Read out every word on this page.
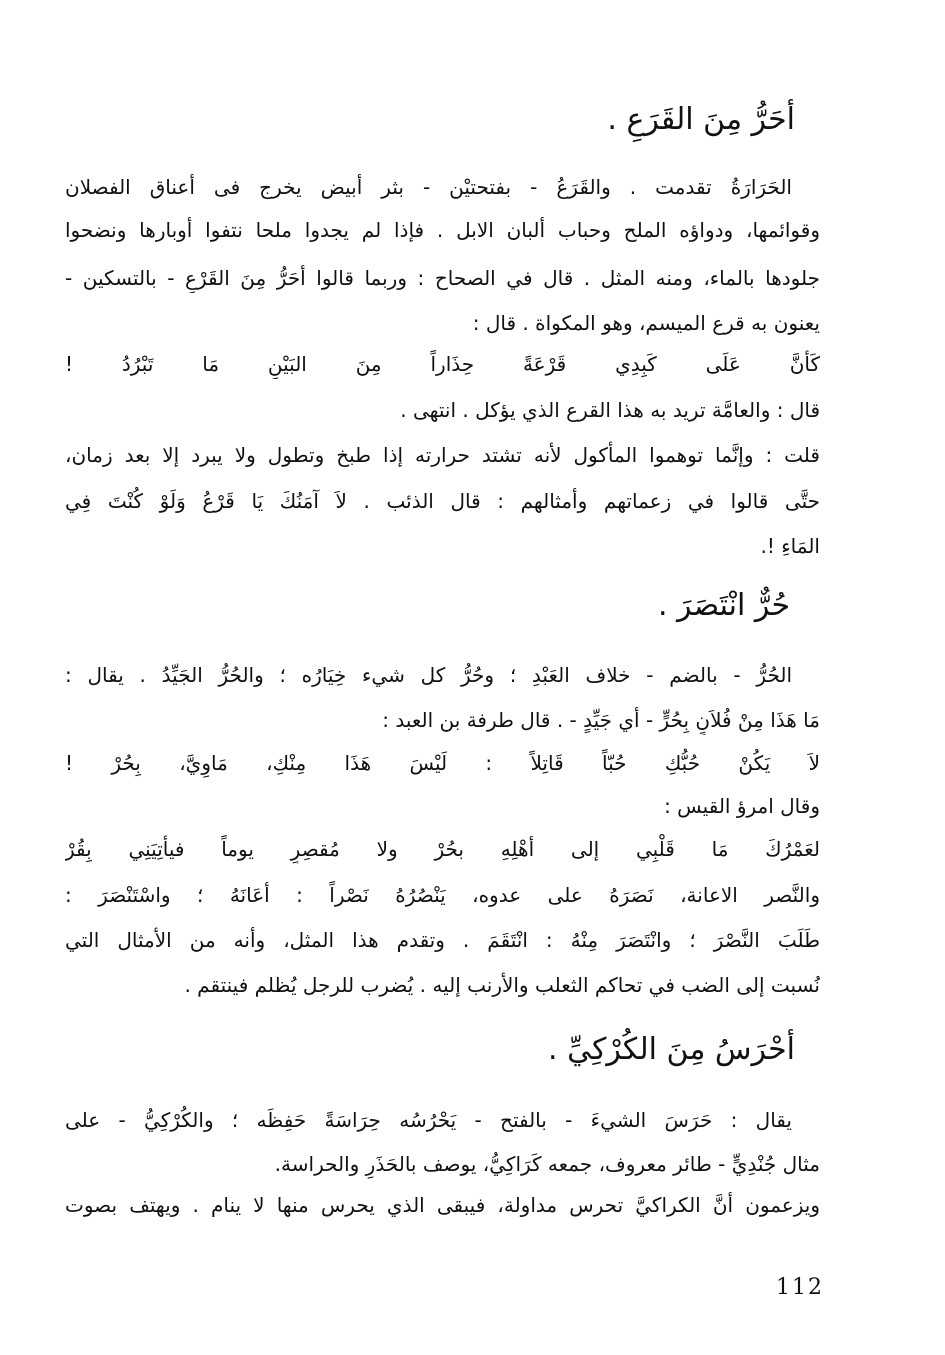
أحَرُّ مِنَ القَرَعِ .
الحَرَارَةُ تقدمت . والقَرَعُ - بفتحتيْن - بثر أبيض يخرج فى أعناق الفصلان
وقوائمها، ودواؤه الملح وحباب ألبان الابل . فإذا لم يجدوا ملحا نتفوا أوبارها ونضحوا
جلودها بالماء، ومنه المثل . قال في الصحاح : وربما قالوا أحَرُّ مِنَ القَرْعِ - بالتسكين -
يعنون به قرع الميسم، وهو المكواة . قال :
كَأنَّ عَلَى كَبِدِي قَرْعَةً حِذَاراً مِنَ البَيْنِ مَا تَبْرُدُ !
قال : والعامَّة تريد به هذا القرع الذي يؤكل . انتهى .
قلت : وإنَّما توهموا المأكول لأنه تشتد حرارته إذا طبخ وتطول ولا يبرد إلا بعد زمان،
حتَّى قالوا في زعماتهم وأمثالهم : قال الذئب . لاَ آمَنُكَ يَا قَرْعُ وَلَوْ كُنْتَ فِي
المَاءِ !.
حُرٌّ انْتَصَرَ .
الحُرُّ - بالضم - خلاف العَبْدِ ؛ وحُرُّ كل شيء خِيَارُه ؛ والحُرُّ الجَيِّدُ . يقال :
مَا هَذَا مِنْ فُلاَنٍ بِحُرٍّ - أي جَيِّدٍ - . قال طرفة بن العبد :
لاَ يَكُنْ حُبُّكِ حُبّاً قَاتِلاً : لَيْسَ هَذَا مِنْكِ، مَاوِيَّ، بِحُرْ !
وقال امرؤ القيس :
لعَمْرُكَ مَا قَلْبِي إلى أهْلِهِ بحُرْ ولا مُقصِرٍ يوماً فيأتِيَنِي بِقُرْ
والنَّصر الاعانة، نَصَرَهُ على عدوه، يَنْصُرُهُ نَصْراً : أعَانَهُ ؛ واسْتَنْصَرَ :
طَلَبَ النَّصْرَ ؛ وانْتَصَرَ مِنْهُ : انْتَقَمَ . وتقدم هذا المثل، وأنه من الأمثال التي
نُسبت إلى الضب في تحاكم الثعلب والأرنب إليه . يُضرب للرجل يُظلم فينتقم .
أحْرَسُ مِنَ الكُرْكِيِّ .
يقال : حَرَسَ الشيءَ - بالفتح - يَحْرُسُه حِرَاسَةً حَفِظَه ؛ والكُرْكِيُّ - على
مثال جُنْدِيٍّ - طائر معروف، جمعه كَرَاكِيُّ، يوصف بالحَذَرِ والحراسة.
ويزعمون أنَّ الكراكيَّ تحرس مداولة، فيبقى الذي يحرس منها لا ينام . ويهتف بصوت
112
